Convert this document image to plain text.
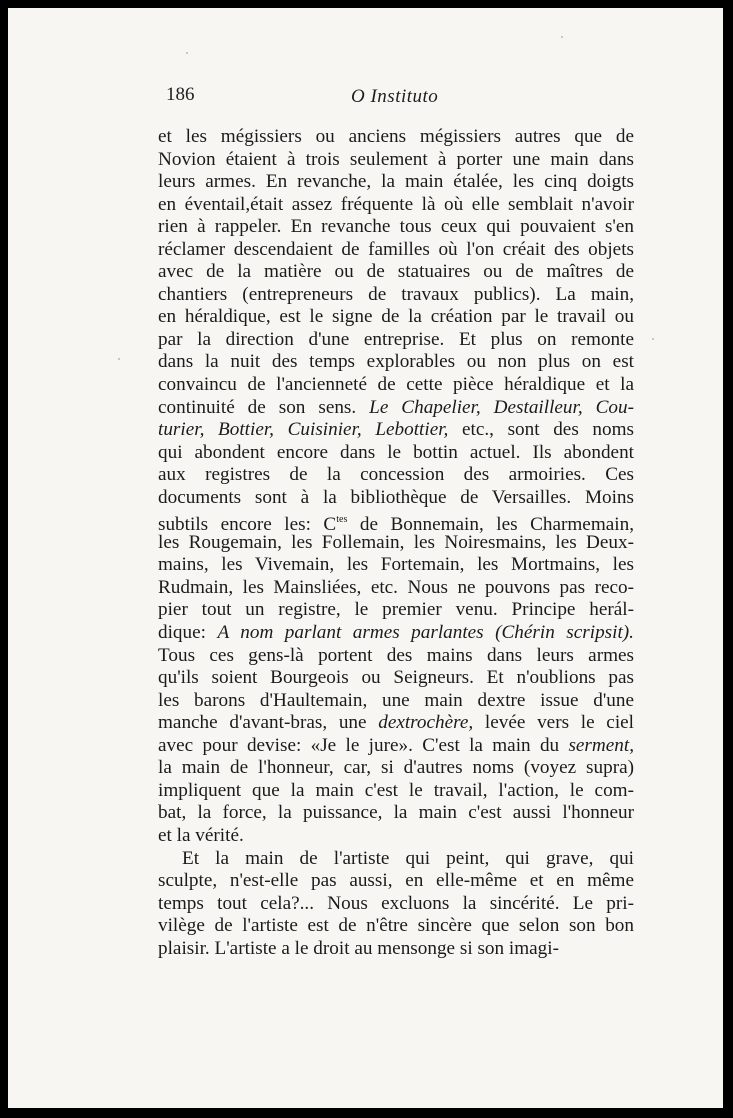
186	O Instituto
et les mégissiers ou anciens mégissiers autres que de
Novion étaient à trois seulement à porter une main dans
leurs armes. En revanche, la main étalée, les cinq doigts
en éventail,était assez fréquente là où elle semblait n'avoir
rien à rappeler. En revanche tous ceux qui pouvaient s'en
réclamer descendaient de familles où l'on créait des objets
avec de la matière ou de statuaires ou de maîtres de
chantiers (entrepreneurs de travaux publics). La main,
en héraldique, est le signe de la création par le travail ou
par la direction d'une entreprise. Et plus on remonte
dans la nuit des temps explorables ou non plus on est
convaincu de l'ancienneté de cette pièce héraldique et la
continuité de son sens. Le Chapelier, Destailleur, Cou-
turier, Bottier, Cuisinier, Lebottier, etc., sont des noms
qui abondent encore dans le bottin actuel. Ils abondent
aux registres de la concession des armoiries. Ces
documents sont à la bibliothèque de Versailles. Moins
subtils encore les: $C^{tes}$ de Bonnemain, les Charmemain,
les Rougemain, les Follemain, les Noiresmains, les Deux-
mains, les Vivemain, les Fortemain, les Mortmains, les
Rudmain, les Mainsliées, etc. Nous ne pouvons pas reco-
pier tout un registre, le premier venu. Principe herál-
dique: A nom parlant armes parlantes (Chérin scripsit).
Tous ces gens-là portent des mains dans leurs armes
qu'ils soient Bourgeois ou Seigneurs. Et n'oublions pas
les barons d'Haultemain, une main dextre issue d'une
manche d'avant-bras, une dextrochère, levée vers le ciel
avec pour devise: «Je le jure». C'est la main du serment,
la main de l'honneur, car, si d'autres noms (voyez supra)
impliquent que la main c'est le travail, l'action, le com-
bat, la force, la puissance, la main c'est aussi l'honneur
et la vérité.
Et la main de l'artiste qui peint, qui grave, qui
sculpte, n'est-elle pas aussi, en elle-même et en même
temps tout cela?... Nous excluons la sincérité. Le pri-
vilège de l'artiste est de n'être sincère que selon son bon
plaisir. L'artiste a le droit au mensonge si son imagi-
